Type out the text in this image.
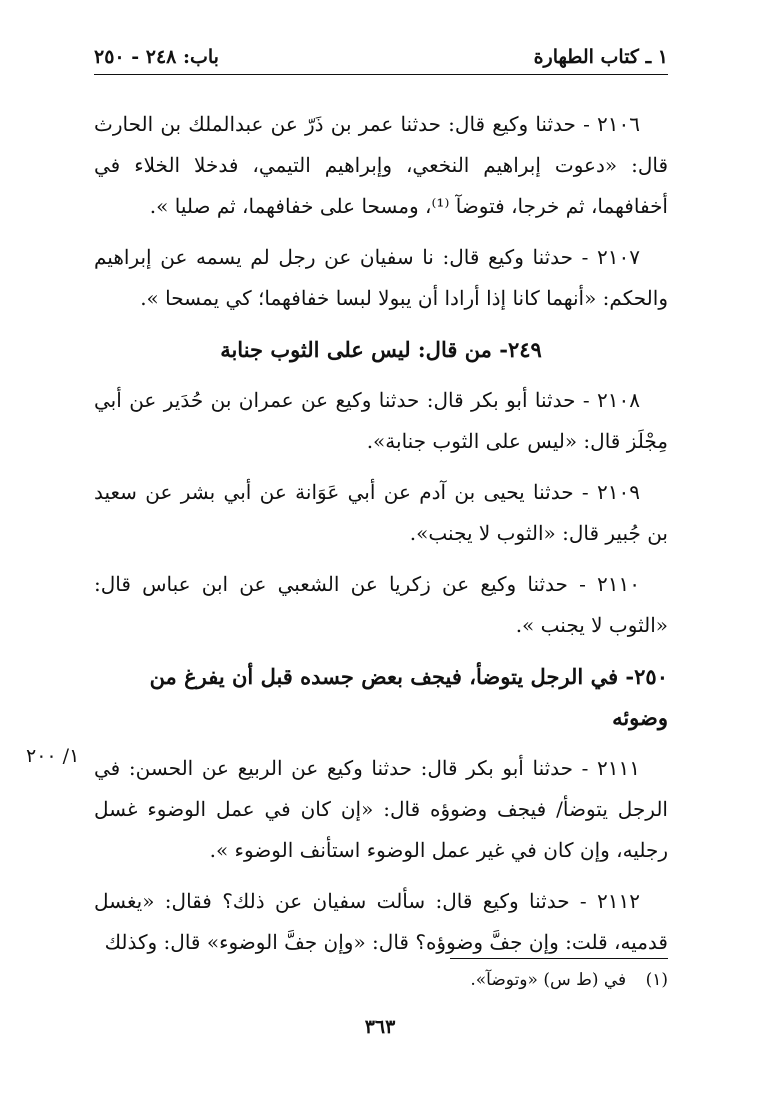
١ ـ كتاب الطهارة
باب: ٢٤٨ - ٢٥٠

٢١٠٦ - حدثنا وكيع قال: حدثنا عمر بن ذَرّ عن عبدالملك بن الحارث قال: «دعوت إبراهيم النخعي، وإبراهيم التيمي، فدخلا الخلاء في أخفافهما، ثم خرجا، فتوضآ ⁽¹⁾، ومسحا على خفافهما، ثم صليا ».

٢١٠٧ - حدثنا وكيع قال: نا سفيان عن رجل لم يسمه عن إبراهيم والحكم: «أنهما كانا إذا أرادا أن يبولا لبسا خفافهما؛ كي يمسحا ».

٢٤٩- من قال: ليس على الثوب جنابة

٢١٠٨ - حدثنا أبو بكر قال: حدثنا وكيع عن عمران بن حُدَير عن أبي مِجْلَز قال: «ليس على الثوب جنابة».

٢١٠٩ - حدثنا يحيى بن آدم عن أبي عَوَانة عن أبي بشر عن سعيد بن جُبير قال: «الثوب لا يجنب».

٢١١٠ - حدثنا وكيع عن زكريا عن الشعبي عن ابن عباس قال: «الثوب لا يجنب ».

٢٥٠- في الرجل يتوضأ، فيجف بعض جسده قبل أن يفرغ من وضوئه

٢١١١ - حدثنا أبو بكر قال: حدثنا وكيع عن الربيع عن الحسن: في الرجل يتوضأ/ فيجف وضوؤه قال: «إن كان في عمل الوضوء غسل رجليه، وإن كان في غير عمل الوضوء استأنف الوضوء ».

٢١١٢ - حدثنا وكيع قال: سألت سفيان عن ذلك؟ فقال: «يغسل قدميه، قلت: وإن جفَّ وضوؤه؟ قال: «وإن جفَّ الوضوء» قال: وكذلك

١/ ٢٠٠
(١) في (ط س) «وتوضآ».
٣٦٣
